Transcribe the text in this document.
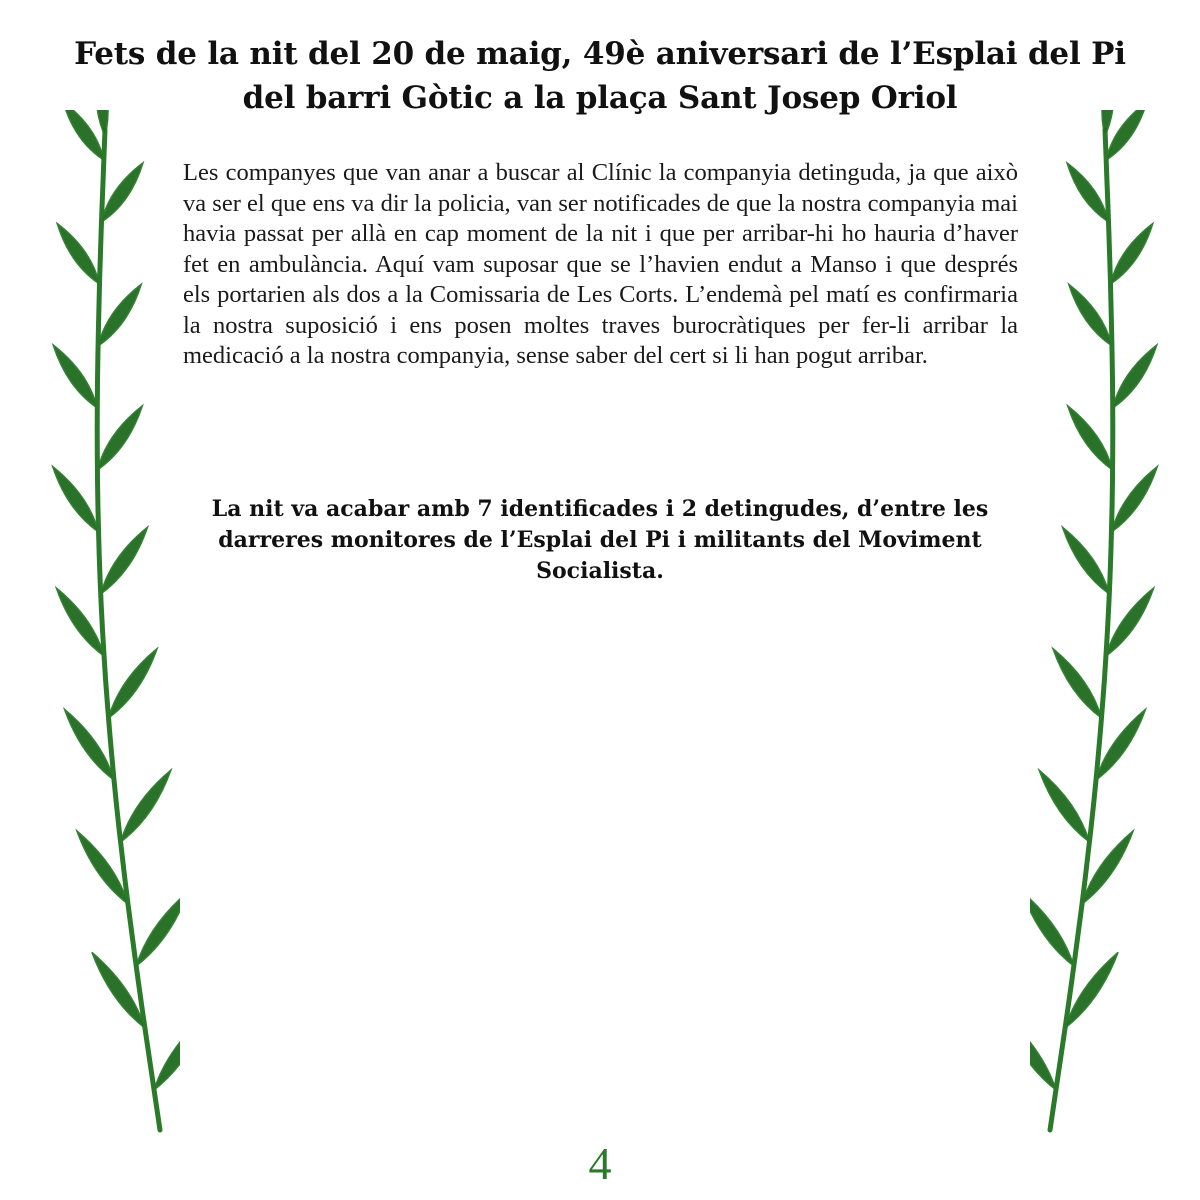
Fets de la nit del 20 de maig, 49è aniversari de l’Esplai del Pi
del barri Gòtic a la plaça Sant Josep Oriol

Les companyes que van anar a buscar al Clínic la companyia detinguda, ja que això va ser el que ens va dir la policia, van ser notificades de que la nostra companyia mai havia passat per allà en cap moment de la nit i que per arribar-hi ho hauria d’haver fet en ambulància. Aquí vam suposar que se l’havien endut a Manso i que després els portarien als dos a la Comissaria de Les Corts. L’endemà pel matí es confirmaria la nostra suposició i ens posen moltes traves burocràtiques per fer-li arribar la medicació a la nostra companyia, sense saber del cert si li han pogut arribar.

La nit va acabar amb 7 identificades i 2 detingudes, d’entre les darreres monitores de l’Esplai del Pi i militants del Moviment Socialista.

4
